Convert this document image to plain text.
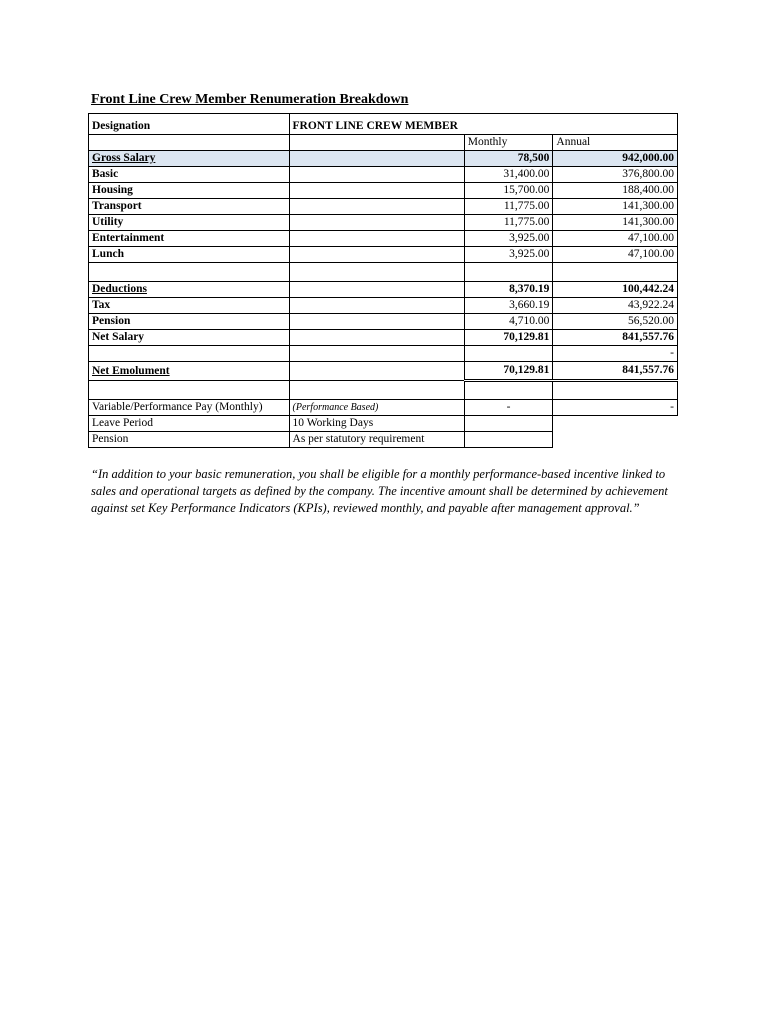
Front Line Crew Member Renumeration Breakdown
Designation	FRONT LINE CREW MEMBER		
		Monthly	Annual
Gross Salary		78,500	942,000.00
Basic		31,400.00	376,800.00
Housing		15,700.00	188,400.00
Transport		11,775.00	141,300.00
Utility		11,775.00	141,300.00
Entertainment		3,925.00	47,100.00
Lunch		3,925.00	47,100.00

Deductions		8,370.19	100,442.24
Tax		3,660.19	43,922.24
Pension		4,710.00	56,520.00
Net Salary		70,129.81	841,557.76
			-
Net Emolument		70,129.81	841,557.76

Variable/Performance Pay (Monthly)	(Performance Based)	-	-
Leave Period	10 Working Days		
Pension	As per statutory requirement		
“In addition to your basic remuneration, you shall be eligible for a monthly performance-based incentive linked to sales and operational targets as defined by the company. The incentive amount shall be determined by achievement against set Key Performance Indicators (KPIs), reviewed monthly, and payable after management approval.”
